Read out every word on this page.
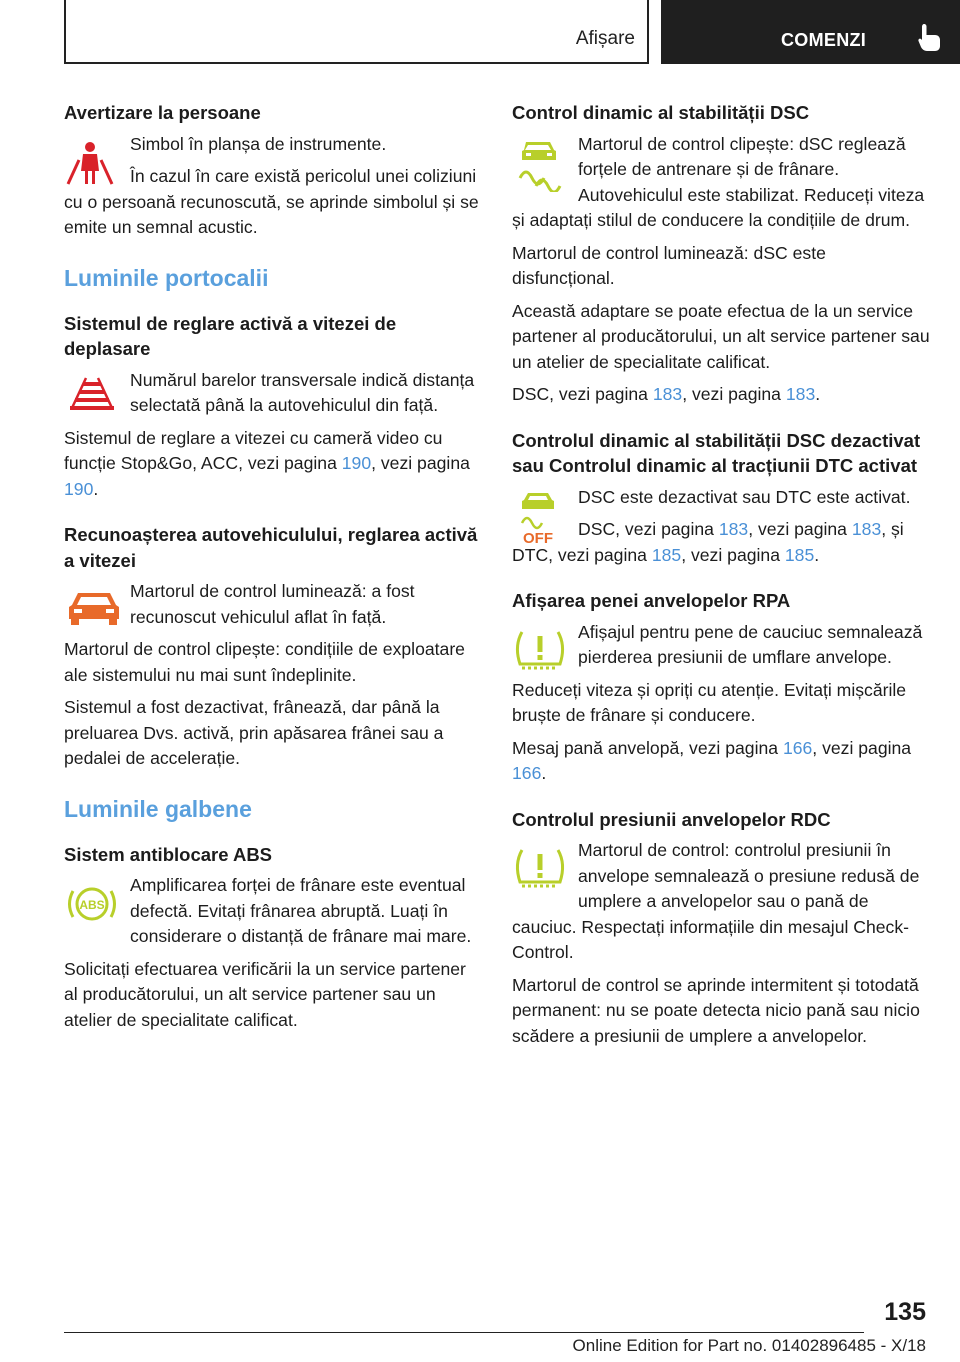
Afișare	COMENZI
Avertizare la persoane

Simbol în planșa de instrumente.

În cazul în care există pericolul unei coliziuni cu o persoană recunoscută, se aprinde simbolul și se emite un semnal acustic.

Luminile portocalii
Sistemul de reglare activă a vitezei de deplasare

Numărul barelor transversale indică distanța selectată până la autovehiculul din față.

Sistemul de reglare a vitezei cu cameră video cu funcție Stop&Go, ACC, vezi pagina 190, vezi pagina 190.

Recunoașterea autovehiculului, reglarea activă a vitezei

Martorul de control luminează: a fost recunoscut vehiculul aflat în față.

Martorul de control clipește: condițiile de exploatare ale sistemului nu mai sunt îndeplinite.

Sistemul a fost dezactivat, frânează, dar până la preluarea Dvs. activă, prin apăsarea frânei sau a pedalei de accelerație.

Luminile galbene
Sistem antiblocare ABS
ABS

Amplificarea forței de frânare este eventual defectă. Evitați frânarea abruptă. Luați în considerare o distanță de frânare mai mare.

Solicitați efectuarea verificării la un service partener al producătorului, un alt service partener sau un atelier de specialitate calificat.

Control dinamic al stabilității DSC

Martorul de control clipește: dSC reglează forțele de antrenare și de frânare. Autovehiculul este stabilizat. Reduceți viteza și adaptați stilul de conducere la condițiile de drum.

Martorul de control luminează: dSC este disfuncțional.

Această adaptare se poate efectua de la un service partener al producătorului, un alt service partener sau un atelier de specialitate calificat.

DSC, vezi pagina 183, vezi pagina 183.

Controlul dinamic al stabilității DSC dezactivat sau Controlul dinamic al tracțiunii DTC activat
OFF

DSC este dezactivat sau DTC este activat.

DSC, vezi pagina 183, vezi pagina 183, și DTC, vezi pagina 185, vezi pagina 185.

Afișarea penei anvelopelor RPA

Afișajul pentru pene de cauciuc semnalează pierderea presiunii de umflare anvelope.

Reduceți viteza și opriți cu atenție. Evitați mișcările bruște de frânare și conducere.

Mesaj pană anvelopă, vezi pagina 166, vezi pagina 166.

Controlul presiunii anvelopelor RDC

Martorul de control: controlul presiunii în anvelope semnalează o presiune redusă de umplere a anvelopelor sau o pană de cauciuc. Respectați informațiile din mesajul Check-Control.

Martorul de control se aprinde intermitent și totodată permanent: nu se poate detecta nicio pană sau nicio scădere a presiunii de umplere a anvelopelor.

135
Online Edition for Part no. 01402896485 - X/18
